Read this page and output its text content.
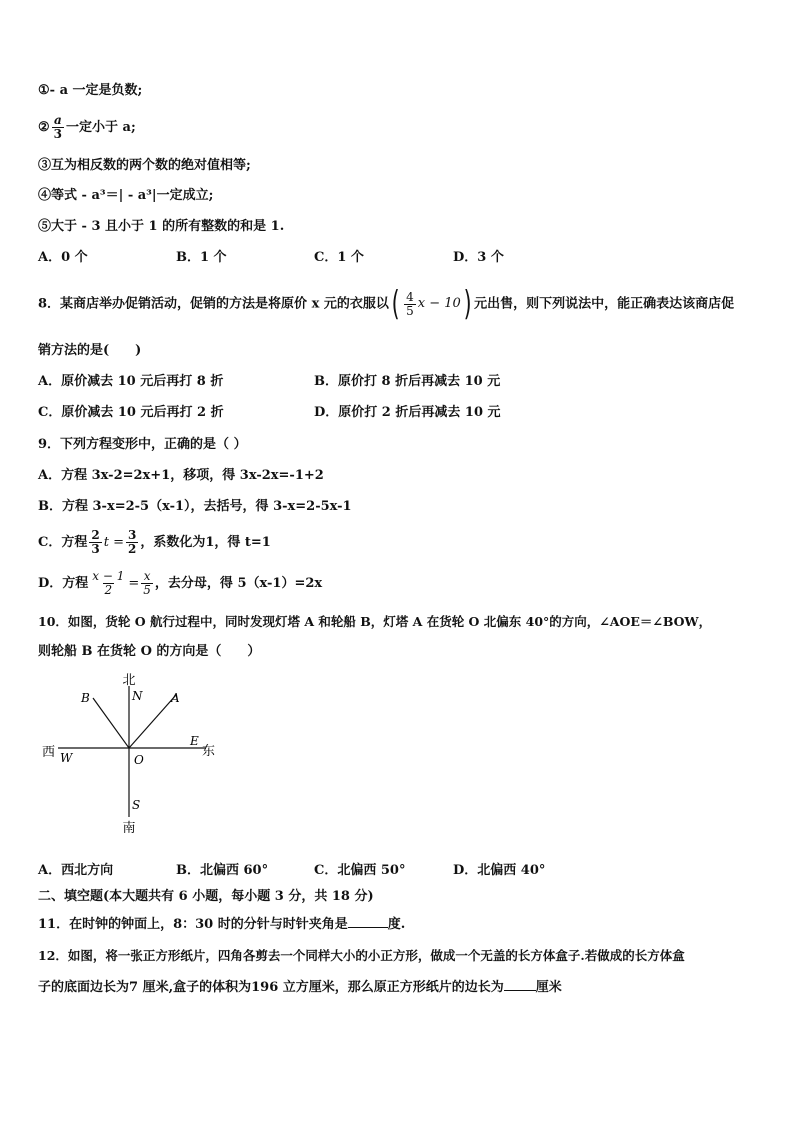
①- a 一定是负数;
② $\frac{a}{3}$ 一定小于 a;
③互为相反数的两个数的绝对值相等;
④等式 - a³＝| - a³|一定成立;
⑤大于 - 3 且小于 1 的所有整数的和是 1.
A．0 个	B．1 个	C．1 个	D．3 个
8．某商店举办促销活动，促销的方法是将原价 x 元的衣服以 ( $\frac{4}{5}$ x − 10 ) 元出售，则下列说法中，能正确表达该商店促
销方法的是(　　)
A．原价减去 10 元后再打 8 折	B．原价打 8 折后再减去 10 元
C．原价减去 10 元后再打 2 折	D．原价打 2 折后再减去 10 元
9．下列方程变形中，正确的是（ ）
A．方程 3x-2=2x+1，移项，得 3x-2x=-1+2
B．方程 3-x=2-5（x-1），去括号，得 3-x=2-5x-1
C．方程 $\frac{2}{3}$ $t = \frac{3}{2}$ ，系数化为1，得 t=1
D．方程 $\frac{x - 1}{2} = \frac{x}{5}$ ，去分母，得 5（x-1）=2x
10．如图，货轮 O 航行过程中，同时发现灯塔 A 和轮船 B，灯塔 A 在货轮 O 北偏东 40°的方向，∠AOE＝∠BOW，
则轮船 B 在货轮 O 的方向是（　　）
北
N A
B
西 W
E
东
O
S
南
A．西北方向	B．北偏西 60°	C．北偏西 50°	D．北偏西 40°
二、填空题(本大题共有 6 小题，每小题 3 分，共 18 分)
11．在时钟的钟面上，8：30 时的分针与时针夹角是	度.
12．如图，将一张正方形纸片，四角各剪去一个同样大小的小正方形，做成一个无盖的长方体盒子.若做成的长方体盒
子的底面边长为7 厘米,盒子的体积为196 立方厘米，那么原正方形纸片的边长为 厘米
